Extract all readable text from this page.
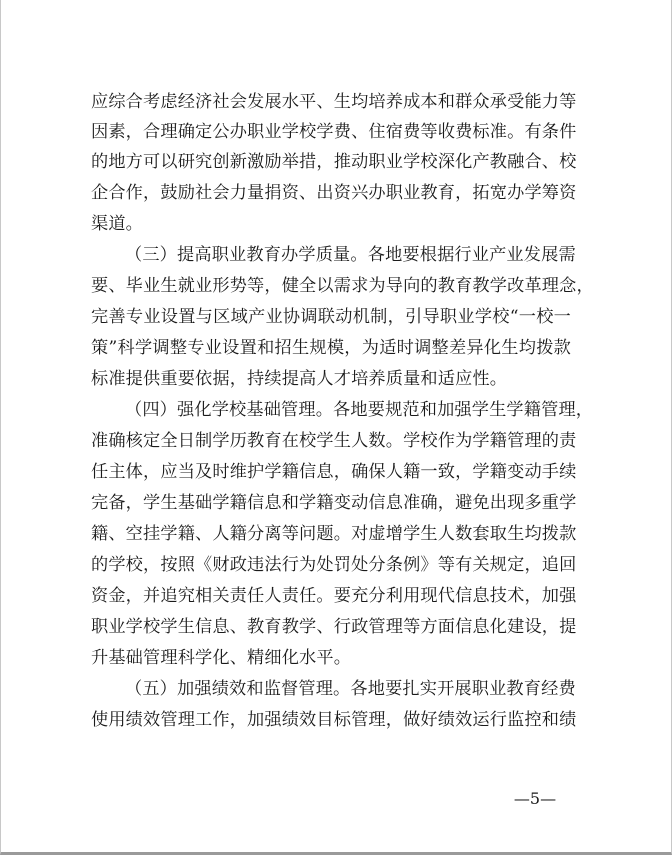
应综合考虑经济社会发展水平、生均培养成本和群众承受能力等
因素，合理确定公办职业学校学费、住宿费等收费标准。有条件
的地方可以研究创新激励举措，推动职业学校深化产教融合、校
企合作，鼓励社会力量捐资、出资兴办职业教育，拓宽办学筹资
渠道。
（三）提高职业教育办学质量。各地要根据行业产业发展需
要、毕业生就业形势等，健全以需求为导向的教育教学改革理念，
完善专业设置与区域产业协调联动机制，引导职业学校“一校一
策”科学调整专业设置和招生规模，为适时调整差异化生均拨款
标准提供重要依据，持续提高人才培养质量和适应性。
（四）强化学校基础管理。各地要规范和加强学生学籍管理，
准确核定全日制学历教育在校学生人数。学校作为学籍管理的责
任主体，应当及时维护学籍信息，确保人籍一致，学籍变动手续
完备，学生基础学籍信息和学籍变动信息准确，避免出现多重学
籍、空挂学籍、人籍分离等问题。对虚增学生人数套取生均拨款
的学校，按照《财政违法行为处罚处分条例》等有关规定，追回
资金，并追究相关责任人责任。要充分利用现代信息技术，加强
职业学校学生信息、教育教学、行政管理等方面信息化建设，提
升基础管理科学化、精细化水平。
（五）加强绩效和监督管理。各地要扎实开展职业教育经费
使用绩效管理工作，加强绩效目标管理，做好绩效运行监控和绩
—5—
